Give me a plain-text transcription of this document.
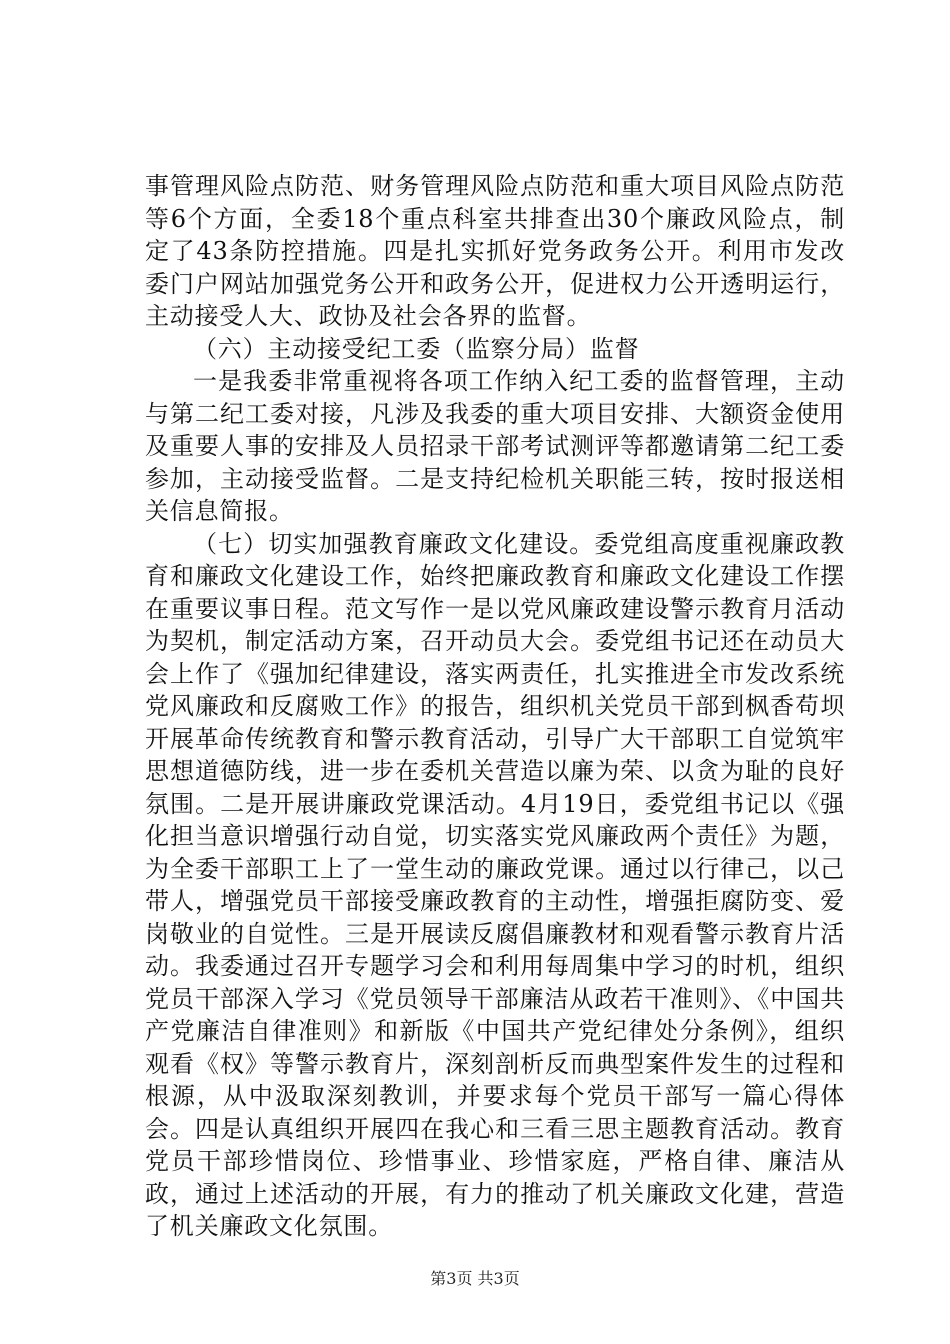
事管理风险点防范、财务管理风险点防范和重大项目风险点防范等6个方面，全委18个重点科室共排查出30个廉政风险点，制定了43条防控措施。四是扎实抓好党务政务公开。利用市发改委门户网站加强党务公开和政务公开，促进权力公开透明运行，主动接受人大、政协及社会各界的监督。

（六）主动接受纪工委（监察分局）监督

一是我委非常重视将各项工作纳入纪工委的监督管理，主动与第二纪工委对接，凡涉及我委的重大项目安排、大额资金使用及重要人事的安排及人员招录干部考试测评等都邀请第二纪工委参加，主动接受监督。二是支持纪检机关职能三转，按时报送相关信息简报。

（七）切实加强教育廉政文化建设。委党组高度重视廉政教育和廉政文化建设工作，始终把廉政教育和廉政文化建设工作摆在重要议事日程。范文写作一是以党风廉政建设警示教育月活动为契机，制定活动方案，召开动员大会。委党组书记还在动员大会上作了《强加纪律建设，落实两责任，扎实推进全市发改系统党风廉政和反腐败工作》的报告，组织机关党员干部到枫香苟坝开展革命传统教育和警示教育活动，引导广大干部职工自觉筑牢思想道德防线，进一步在委机关营造以廉为荣、以贪为耻的良好氛围。二是开展讲廉政党课活动。4月19日，委党组书记以《强化担当意识增强行动自觉，切实落实党风廉政两个责任》为题，为全委干部职工上了一堂生动的廉政党课。通过以行律己，以己带人，增强党员干部接受廉政教育的主动性，增强拒腐防变、爱岗敬业的自觉性。三是开展读反腐倡廉教材和观看警示教育片活动。我委通过召开专题学习会和利用每周集中学习的时机，组织党员干部深入学习《党员领导干部廉洁从政若干准则》、《中国共产党廉洁自律准则》和新版《中国共产党纪律处分条例》，组织观看《权》等警示教育片，深刻剖析反而典型案件发生的过程和根源，从中汲取深刻教训，并要求每个党员干部写一篇心得体会。四是认真组织开展四在我心和三看三思主题教育活动。教育党员干部珍惜岗位、珍惜事业、珍惜家庭，严格自律、廉洁从政，通过上述活动的开展，有力的推动了机关廉政文化建，营造了机关廉政文化氛围。

第3页 共3页
